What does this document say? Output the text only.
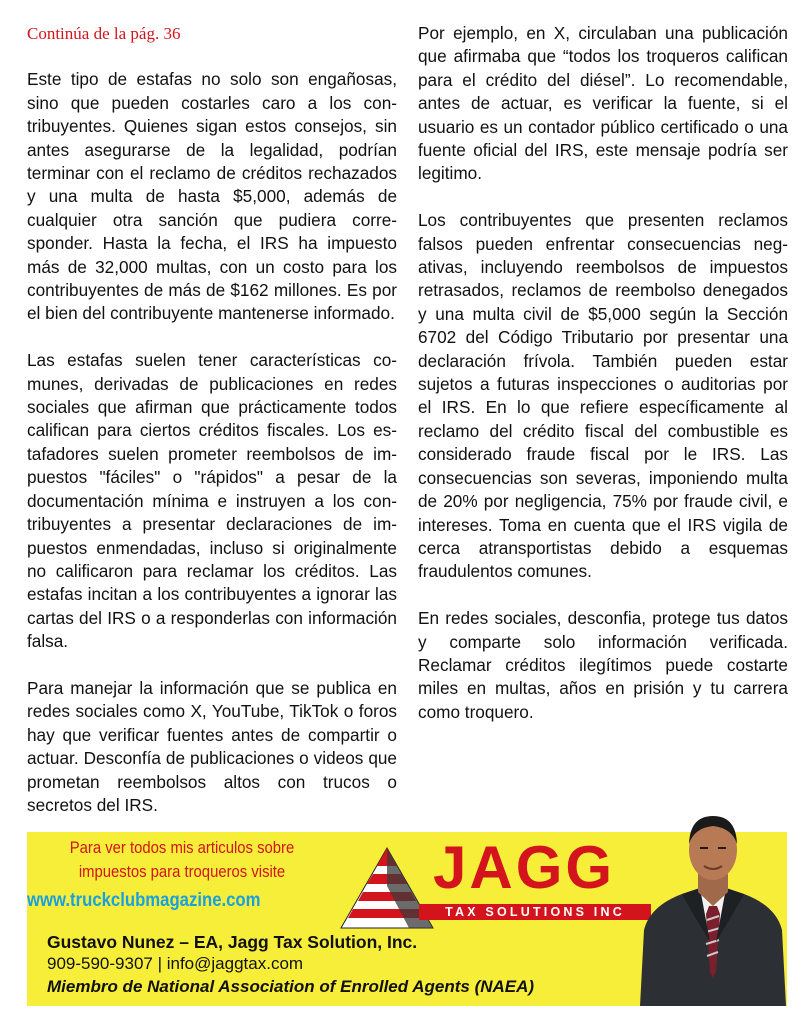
Continúa de la pág. 36

Este tipo de estafas no solo son engañosas, sino que pueden costarles caro a los contribuyentes. Quienes sigan estos consejos, sin antes asegurarse de la legalidad, podrían terminar con el reclamo de créditos rechazados y una multa de hasta $5,000, además de cualquier otra sanción que pudiera corresponder. Hasta la fecha, el IRS ha impuesto más de 32,000 multas, con un costo para los contribuyentes de más de $162 millones. Es por el bien del contribuyente mantenerse informado.

Las estafas suelen tener características comunes, derivadas de publicaciones en redes sociales que afirman que prácticamente todos califican para ciertos créditos fiscales. Los estafadores suelen prometer reembolsos de impuestos "fáciles" o "rápidos" a pesar de la documentación mínima e instruyen a los contribuyentes a presentar declaraciones de impuestos enmendadas, incluso si originalmente no calificaron para reclamar los créditos. Las estafas incitan a los contribuyentes a ignorar las cartas del IRS o a responderlas con información falsa.

Para manejar la información que se publica en redes sociales como X, YouTube, TikTok o foros hay que verificar fuentes antes de compartir o actuar. Desconfía de publicaciones o videos que prometan reembolsos altos con trucos o secretos del IRS.

Por ejemplo, en X, circulaban una publicación que afirmaba que “todos los troqueros califican para el crédito del diésel”. Lo recomendable, antes de actuar, es verificar la fuente, si el usuario es un contador público certificado o una fuente oficial del IRS, este mensaje podría ser legitimo.

Los contribuyentes que presenten reclamos falsos pueden enfrentar consecuencias negativas, incluyendo reembolsos de impuestos retrasados, reclamos de reembolso denegados y una multa civil de $5,000 según la Sección 6702 del Código Tributario por presentar una declaración frívola. También pueden estar sujetos a futuras inspecciones o auditorias por el IRS. En lo que refiere específicamente al reclamo del crédito fiscal del combustible es considerado fraude fiscal por le IRS. Las consecuencias son severas, imponiendo multa de 20% por negligencia, 75% por fraude civil, e intereses. Toma en cuenta que el IRS vigila de cerca atransportistas debido a esquemas fraudulentos comunes.

En redes sociales, desconfia, protege tus datos y comparte solo información verificada. Reclamar créditos ilegítimos puede costarte miles en multas, años en prisión y tu carrera como troquero.

Para ver todos mis articulos sobre
impuestos para troqueros visite
www.truckclubmagazine.com	JAGG
TAX SOLUTIONS INC
Gustavo Nunez – EA, Jagg Tax Solution, Inc.
909-590-9307 | info@jaggtax.com
Miembro de National Association of Enrolled Agents (NAEA)
